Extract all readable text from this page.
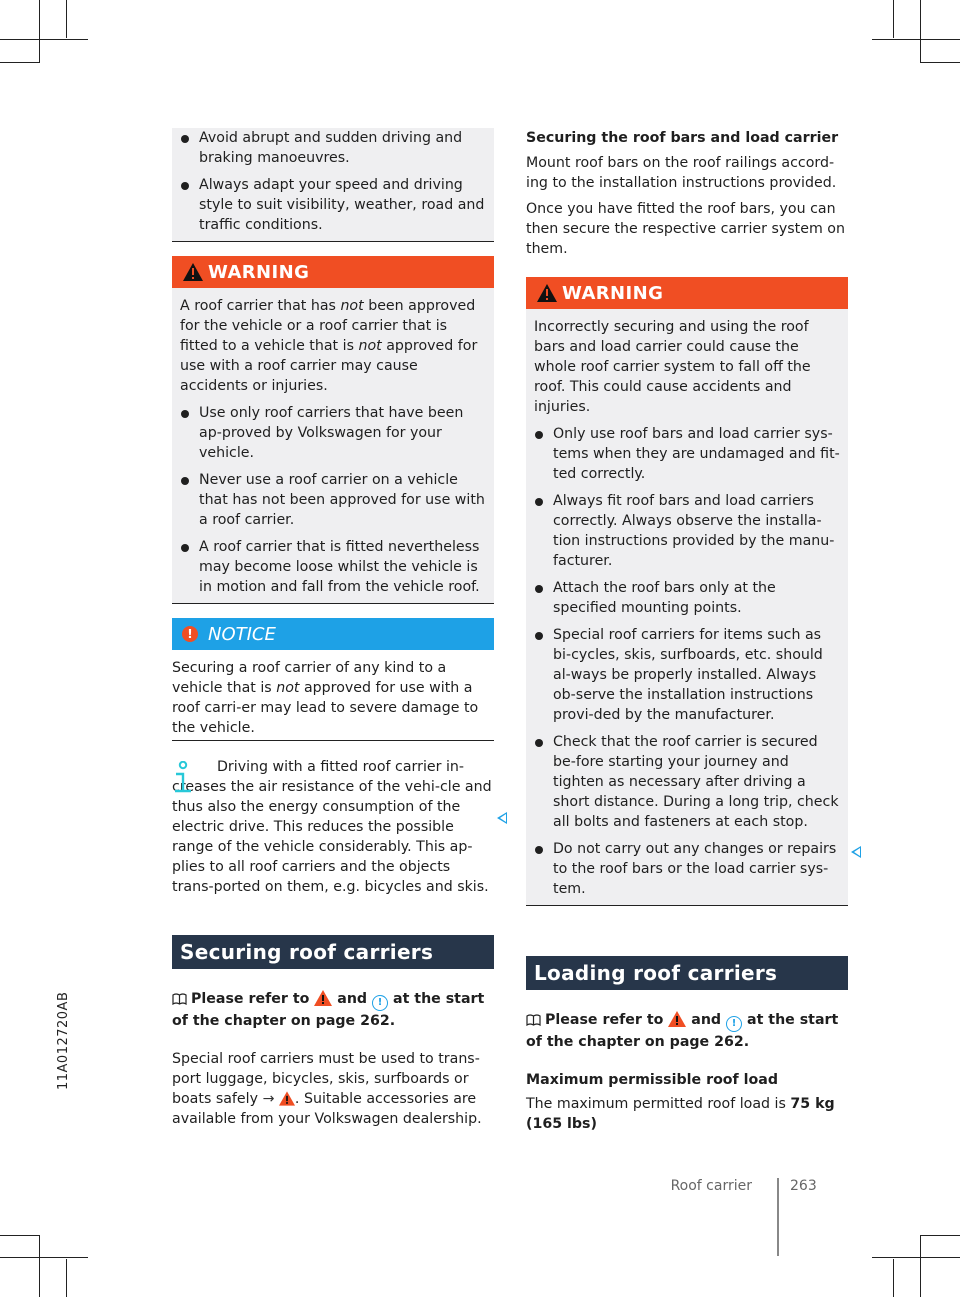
11A012720AB

Avoid abrupt and sudden driving and braking manoeuvres.

Always adapt your speed and driving style to suit visibility, weather, road and traffic conditions.

WARNING

A roof carrier that has not been approved for the vehicle or a roof carrier that is fitted to a vehicle that is not approved for use with a roof carrier may cause accidents or injuries.

Use only roof carriers that have been ap-proved by Volkswagen for your vehicle.

Never use a roof carrier on a vehicle that has not been approved for use with a roof carrier.

A roof carrier that is fitted nevertheless may become loose whilst the vehicle is in motion and fall from the vehicle roof.

! NOTICE

Securing a roof carrier of any kind to a vehicle that is not approved for use with a roof carri-er may lead to severe damage to the vehicle.

Driving with a fitted roof carrier in-creases the air resistance of the vehi-cle and thus also the energy consumption of the electric drive. This reduces the possible range of the vehicle considerably. This ap-plies to all roof carriers and the objects trans-ported on them, e.g. bicycles and skis.

Securing roof carriers

Please refer to and ! at the start of the chapter on page 262.

Special roof carriers must be used to trans-port luggage, bicycles, skis, surfboards or boats safely → . Suitable accessories are available from your Volkswagen dealership.

Securing the roof bars and load carrier

Mount roof bars on the roof railings accord-ing to the installation instructions provided.

Once you have fitted the roof bars, you can then secure the respective carrier system on them.

WARNING

Incorrectly securing and using the roof bars and load carrier could cause the whole roof carrier system to fall off the roof. This could cause accidents and injuries.

Only use roof bars and load carrier sys-tems when they are undamaged and fit-ted correctly.

Always fit roof bars and load carriers correctly. Always observe the installa-tion instructions provided by the manu-facturer.

Attach the roof bars only at the specified mounting points.

Special roof carriers for items such as bi-cycles, skis, surfboards, etc. should al-ways be properly installed. Always ob-serve the installation instructions provi-ded by the manufacturer.

Check that the roof carrier is secured be-fore starting your journey and tighten as necessary after driving a short distance. During a long trip, check all bolts and fasteners at each stop.

Do not carry out any changes or repairs to the roof bars or the load carrier sys-tem.

Loading roof carriers

Please refer to and ! at the start of the chapter on page 262.

Maximum permissible roof load

The maximum permitted roof load is 75 kg (165 lbs)

Roof carrier	263
